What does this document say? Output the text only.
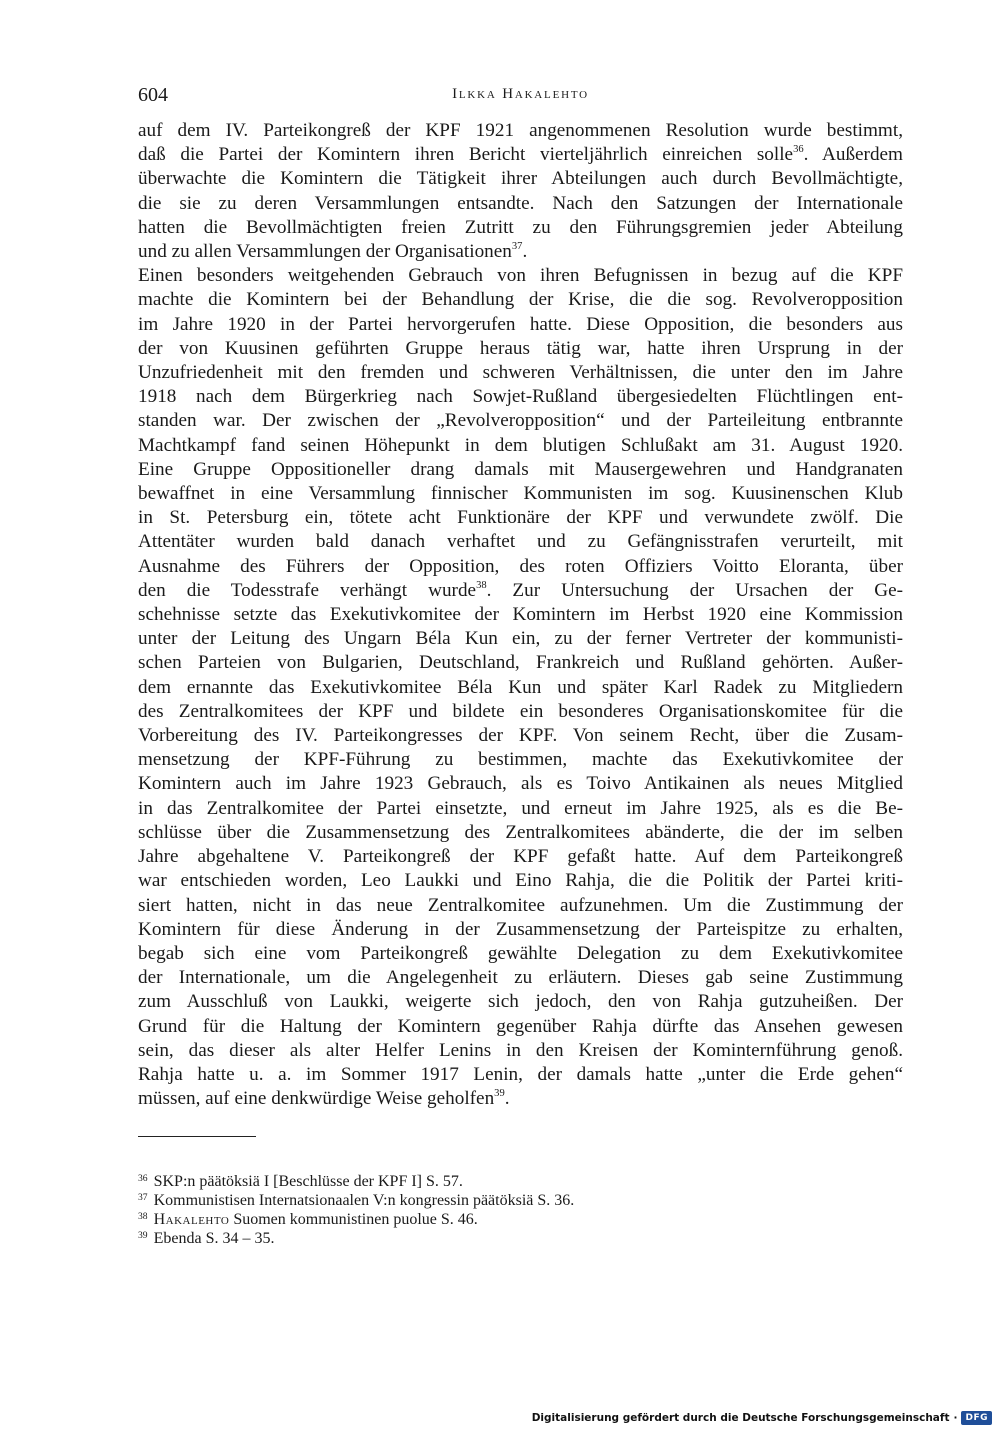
604	Ilkka Hakalehto

auf dem IV. Parteikongreß der KPF 1921 angenommenen Resolution wurde bestimmt,
daß die Partei der Komintern ihren Bericht vierteljährlich einreichen solle$^{36}$. Außerdem
überwachte die Komintern die Tätigkeit ihrer Abteilungen auch durch Bevollmächtigte,
die sie zu deren Versammlungen entsandte. Nach den Satzungen der Internationale
hatten die Bevollmächtigten freien Zutritt zu den Führungsgremien jeder Abteilung
und zu allen Versammlungen der Organisationen$^{37}$.

Einen besonders weitgehenden Gebrauch von ihren Befugnissen in bezug auf die KPF
machte die Komintern bei der Behandlung der Krise, die die sog. Revolveropposition
im Jahre 1920 in der Partei hervorgerufen hatte. Diese Opposition, die besonders aus
der von Kuusinen geführten Gruppe heraus tätig war, hatte ihren Ursprung in der
Unzufriedenheit mit den fremden und schweren Verhältnissen, die unter den im Jahre
1918 nach dem Bürgerkrieg nach Sowjet-Rußland übergesiedelten Flüchtlingen ent-
standen war. Der zwischen der „Revolveropposition“ und der Parteileitung entbrannte
Machtkampf fand seinen Höhepunkt in dem blutigen Schlußakt am 31. August 1920.
Eine Gruppe Oppositioneller drang damals mit Mausergewehren und Handgranaten
bewaffnet in eine Versammlung finnischer Kommunisten im sog. Kuusinenschen Klub
in St. Petersburg ein, tötete acht Funktionäre der KPF und verwundete zwölf. Die
Attentäter wurden bald danach verhaftet und zu Gefängnisstrafen verurteilt, mit
Ausnahme des Führers der Opposition, des roten Offiziers Voitto Eloranta, über
den die Todesstrafe verhängt wurde$^{38}$. Zur Untersuchung der Ursachen der Ge-
schehnisse setzte das Exekutivkomitee der Komintern im Herbst 1920 eine Kommission
unter der Leitung des Ungarn Béla Kun ein, zu der ferner Vertreter der kommunisti-
schen Parteien von Bulgarien, Deutschland, Frankreich und Rußland gehörten. Außer-
dem ernannte das Exekutivkomitee Béla Kun und später Karl Radek zu Mitgliedern
des Zentralkomitees der KPF und bildete ein besonderes Organisationskomitee für die
Vorbereitung des IV. Parteikongresses der KPF. Von seinem Recht, über die Zusam-
mensetzung der KPF-Führung zu bestimmen, machte das Exekutivkomitee der
Komintern auch im Jahre 1923 Gebrauch, als es Toivo Antikainen als neues Mitglied
in das Zentralkomitee der Partei einsetzte, und erneut im Jahre 1925, als es die Be-
schlüsse über die Zusammensetzung des Zentralkomitees abänderte, die der im selben
Jahre abgehaltene V. Parteikongreß der KPF gefaßt hatte. Auf dem Parteikongreß
war entschieden worden, Leo Laukki und Eino Rahja, die die Politik der Partei kriti-
siert hatten, nicht in das neue Zentralkomitee aufzunehmen. Um die Zustimmung der
Komintern für diese Änderung in der Zusammensetzung der Parteispitze zu erhalten,
begab sich eine vom Parteikongreß gewählte Delegation zu dem Exekutivkomitee
der Internationale, um die Angelegenheit zu erläutern. Dieses gab seine Zustimmung
zum Ausschluß von Laukki, weigerte sich jedoch, den von Rahja gutzuheißen. Der
Grund für die Haltung der Komintern gegenüber Rahja dürfte das Ansehen gewesen
sein, das dieser als alter Helfer Lenins in den Kreisen der Kominternführung genoß.
Rahja hatte u. a. im Sommer 1917 Lenin, der damals hatte „unter die Erde gehen“
müssen, auf eine denkwürdige Weise geholfen$^{39}$.

$^{36}$ SKP:n päätöksiä I [Beschlüsse der KPF I] S. 57.
$^{37}$ Kommunistisen Internatsionaalen V:n kongressin päätöksiä S. 36.
$^{38}$ Hakalehto Suomen kommunistinen puolue S. 46.
$^{39}$ Ebenda S. 34 – 35.
Digitalisierung gefördert durch die Deutsche Forschungsgemeinschaft · DFG
